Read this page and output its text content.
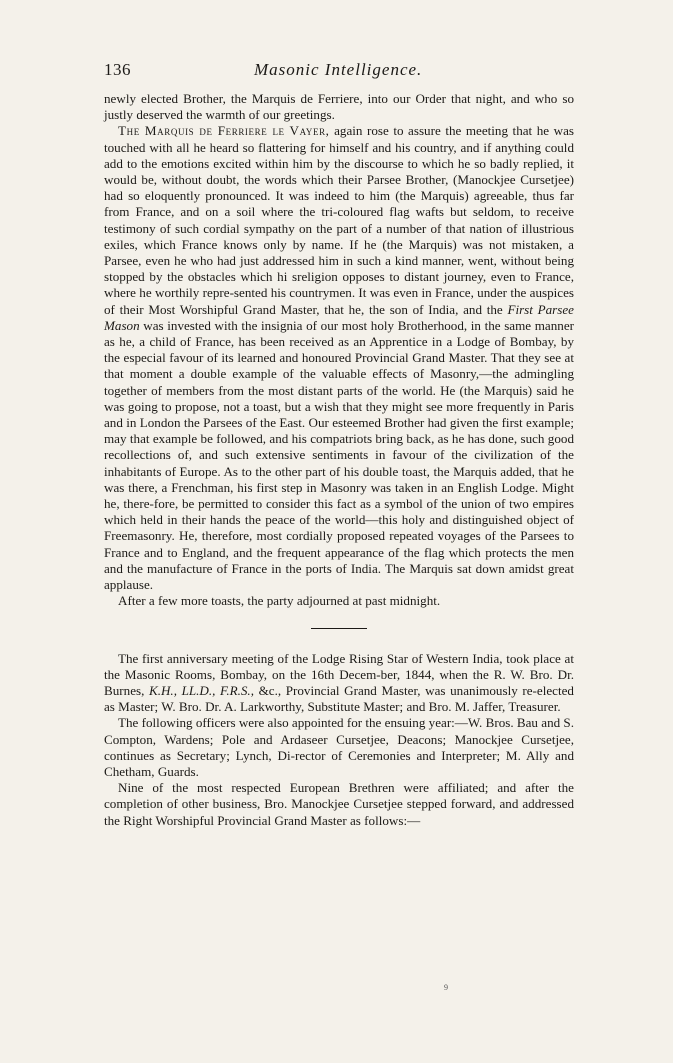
136	Masonic Intelligence.

newly elected Brother, the Marquis de Ferriere, into our Order that night, and who so justly deserved the warmth of our greetings.

The Marquis de Ferriere le Vayer, again rose to assure the meeting that he was touched with all he heard so flattering for himself and his country, and if anything could add to the emotions excited within him by the discourse to which he so badly replied, it would be, without doubt, the words which their Parsee Brother, (Manockjee Cursetjee) had so eloquently pronounced. It was indeed to him (the Marquis) agreeable, thus far from France, and on a soil where the tri-coloured flag wafts but seldom, to receive testimony of such cordial sympathy on the part of a number of that nation of illustrious exiles, which France knows only by name. If he (the Marquis) was not mistaken, a Parsee, even he who had just addressed him in such a kind manner, went, without being stopped by the obstacles which hi sreligion opposes to distant journey, even to France, where he worthily repre-sented his countrymen. It was even in France, under the auspices of their Most Worshipful Grand Master, that he, the son of India, and the First Parsee Mason was invested with the insignia of our most holy Brotherhood, in the same manner as he, a child of France, has been received as an Apprentice in a Lodge of Bombay, by the especial favour of its learned and honoured Provincial Grand Master. That they see at that moment a double example of the valuable effects of Masonry,—the admingling together of members from the most distant parts of the world. He (the Marquis) said he was going to propose, not a toast, but a wish that they might see more frequently in Paris and in London the Parsees of the East. Our esteemed Brother had given the first example; may that example be followed, and his compatriots bring back, as he has done, such good recollections of, and such extensive sentiments in favour of the civilization of the inhabitants of Europe. As to the other part of his double toast, the Marquis added, that he was there, a Frenchman, his first step in Masonry was taken in an English Lodge. Might he, there-fore, be permitted to consider this fact as a symbol of the union of two empires which held in their hands the peace of the world—this holy and distinguished object of Freemasonry. He, therefore, most cordially proposed repeated voyages of the Parsees to France and to England, and the frequent appearance of the flag which protects the men and the manufacture of France in the ports of India. The Marquis sat down amidst great applause.

After a few more toasts, the party adjourned at past midnight.

The first anniversary meeting of the Lodge Rising Star of Western India, took place at the Masonic Rooms, Bombay, on the 16th Decem-ber, 1844, when the R. W. Bro. Dr. Burnes, K.H., LL.D., F.R.S., &c., Provincial Grand Master, was unanimously re-elected as Master; W. Bro. Dr. A. Larkworthy, Substitute Master; and Bro. M. Jaffer, Treasurer.

The following officers were also appointed for the ensuing year:—W. Bros. Bau and S. Compton, Wardens; Pole and Ardaseer Cursetjee, Deacons; Manockjee Cursetjee, continues as Secretary; Lynch, Di-rector of Ceremonies and Interpreter; M. Ally and Chetham, Guards.

Nine of the most respected European Brethren were affiliated; and after the completion of other business, Bro. Manockjee Cursetjee stepped forward, and addressed the Right Worshipful Provincial Grand Master as follows:—

9
